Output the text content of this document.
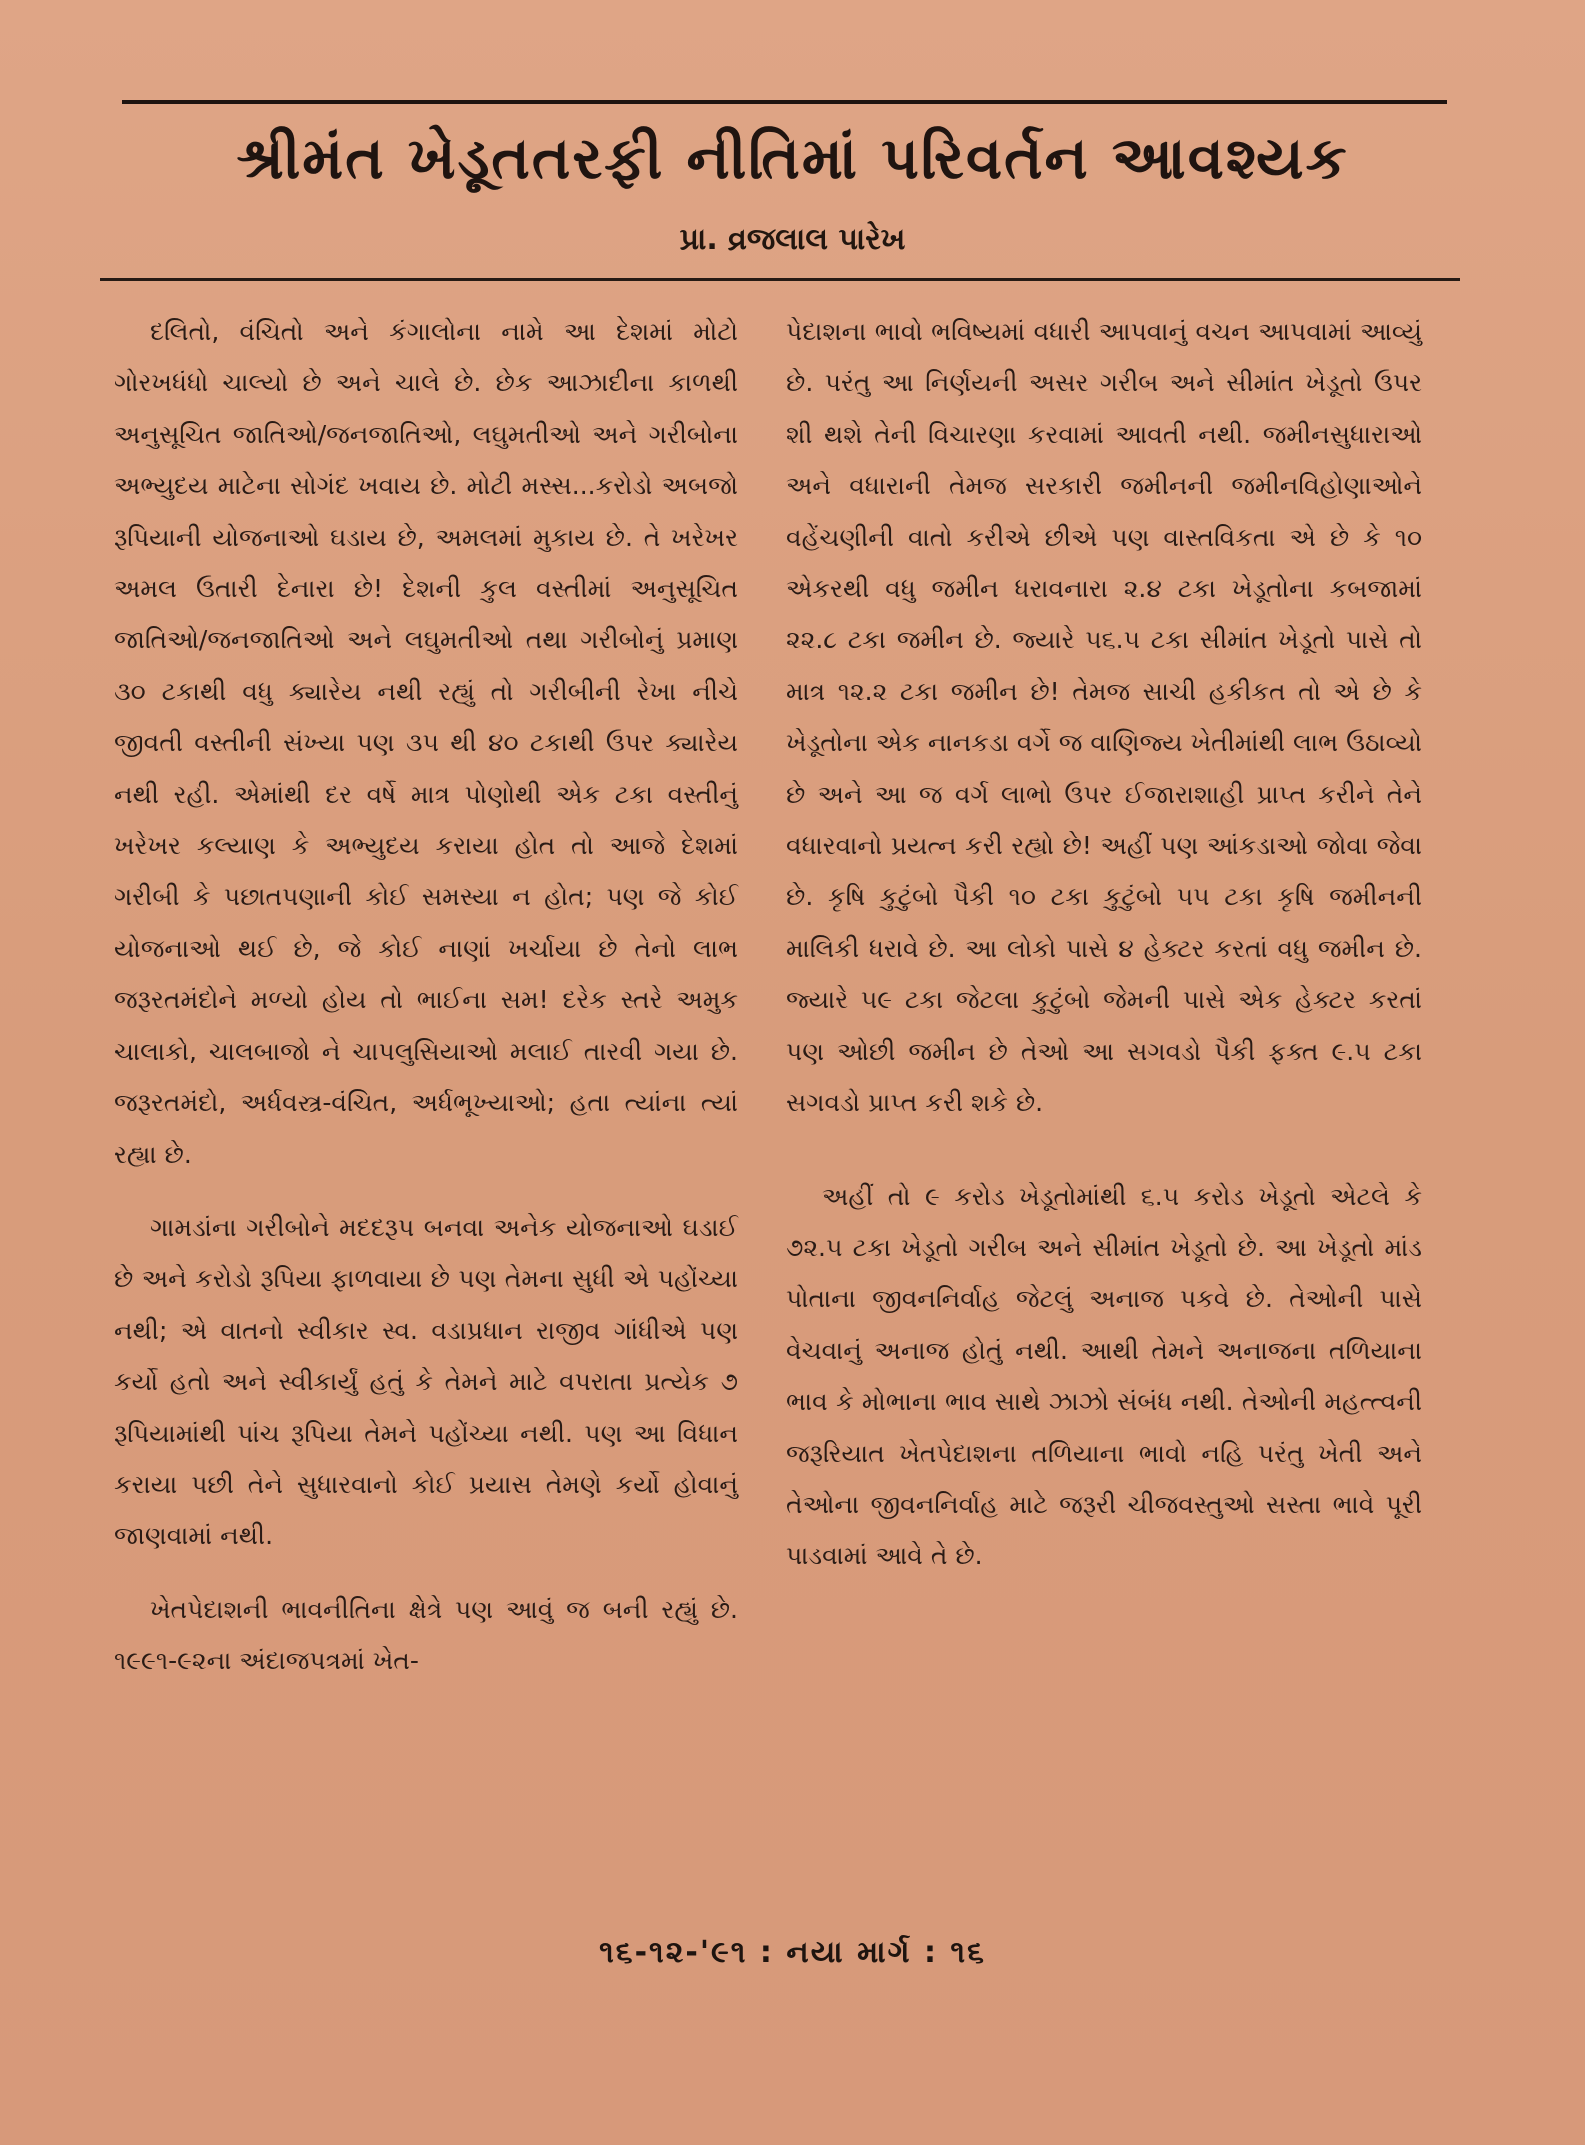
શ્રીમંત ખેડૂતતરફી નીતિમાં પરિવર્તન આવશ્યક
પ્રા. વ્રજલાલ પારેખ

દલિતો, વંચિતો અને કંગાલોના નામે આ દેશમાં મોટો ગોરખધંધો ચાલ્યો છે અને ચાલે છે. છેક આઝાદીના કાળથી અનુસૂચિત જાતિઓ/જનજાતિઓ, લઘુમતીઓ અને ગરીબોના અભ્યુદય માટેના સોગંદ ખવાય છે. મોટી મસ્સ...કરોડો અબજો રૂપિયાની યોજનાઓ ઘડાય છે, અમલમાં મુકાય છે. તે ખરેખર અમલ ઉતારી દેનારા છે! દેશની કુલ વસ્તીમાં અનુસૂચિત જાતિઓ/જનજાતિઓ અને લઘુમતીઓ તથા ગરીબોનું પ્રમાણ ૩૦ ટકાથી વધુ ક્યારેય નથી રહ્યું તો ગરીબીની રેખા નીચે જીવતી વસ્તીની સંખ્યા પણ ૩૫ થી ૪૦ ટકાથી ઉપર ક્યારેય નથી રહી. એમાંથી દર વર્ષે માત્ર પોણોથી એક ટકા વસ્તીનું ખરેખર કલ્યાણ કે અભ્યુદય કરાયા હોત તો આજે દેશમાં ગરીબી કે પછાતપણાની કોઈ સમસ્યા ન હોત; પણ જે કોઈ યોજનાઓ થઈ છે, જે કોઈ નાણાં ખર્ચાયા છે તેનો લાભ જરૂરતમંદોને મળ્યો હોય તો ભાઈના સમ! દરેક સ્તરે અમુક ચાલાકો, ચાલબાજો ને ચાપલુસિયાઓ મલાઈ તારવી ગયા છે. જરૂરતમંદો, અર્ધવસ્ત્ર-વંચિત, અર્ધભૂખ્યાઓ; હતા ત્યાંના ત્યાં રહ્યા છે.

ગામડાંના ગરીબોને મદદરૂપ બનવા અનેક યોજનાઓ ઘડાઈ છે અને કરોડો રૂપિયા ફાળવાયા છે પણ તેમના સુધી એ પહોંચ્યા નથી; એ વાતનો સ્વીકાર સ્વ. વડાપ્રધાન રાજીવ ગાંધીએ પણ કર્યો હતો અને સ્વીકાર્યું હતું કે તેમને માટે વપરાતા પ્રત્યેક ૭ રૂપિયામાંથી પાંચ રૂપિયા તેમને પહોંચ્યા નથી. પણ આ વિધાન કરાયા પછી તેને સુધારવાનો કોઈ પ્રયાસ તેમણે કર્યો હોવાનું જાણવામાં નથી.

ખેતપેદાશની ભાવનીતિના ક્ષેત્રે પણ આવું જ બની રહ્યું છે. ૧૯૯૧-૯૨ના અંદાજપત્રમાં ખેત-

પેદાશના ભાવો ભવિષ્યમાં વધારી આપવાનું વચન આપવામાં આવ્યું છે. પરંતુ આ નિર્ણયની અસર ગરીબ અને સીમાંત ખેડૂતો ઉપર શી થશે તેની વિચારણા કરવામાં આવતી નથી. જમીનસુધારાઓ અને વધારાની તેમજ સરકારી જમીનની જમીનવિહોણાઓને વહેંચણીની વાતો કરીએ છીએ પણ વાસ્તવિકતા એ છે કે ૧૦ એકરથી વધુ જમીન ધરાવનારા ૨.૪ ટકા ખેડૂતોના કબજામાં ૨૨.૮ ટકા જમીન છે. જ્યારે ૫૬.૫ ટકા સીમાંત ખેડૂતો પાસે તો માત્ર ૧૨.૨ ટકા જમીન છે! તેમજ સાચી હકીકત તો એ છે કે ખેડૂતોના એક નાનકડા વર્ગે જ વાણિજ્ય ખેતીમાંથી લાભ ઉઠાવ્યો છે અને આ જ વર્ગ લાભો ઉપર ઈજારાશાહી પ્રાપ્ત કરીને તેને વધારવાનો પ્રયત્ન કરી રહ્યો છે! અહીં પણ આંકડાઓ જોવા જેવા છે. કૃષિ કુટુંબો પૈકી ૧૦ ટકા કુટુંબો ૫૫ ટકા કૃષિ જમીનની માલિકી ધરાવે છે. આ લોકો પાસે ૪ હેક્ટર કરતાં વધુ જમીન છે. જ્યારે ૫૯ ટકા જેટલા કુટુંબો જેમની પાસે એક હેક્ટર કરતાં પણ ઓછી જમીન છે તેઓ આ સગવડો પૈકી ફક્ત ૯.૫ ટકા સગવડો પ્રાપ્ત કરી શકે છે.

અહીં તો ૯ કરોડ ખેડૂતોમાંથી ૬.૫ કરોડ ખેડૂતો એટલે કે ૭૨.૫ ટકા ખેડૂતો ગરીબ અને સીમાંત ખેડૂતો છે. આ ખેડૂતો માંડ પોતાના જીવનનિર્વાહ જેટલું અનાજ પકવે છે. તેઓની પાસે વેચવાનું અનાજ હોતું નથી. આથી તેમને અનાજના તળિયાના ભાવ કે મોભાના ભાવ સાથે ઝાઝો સંબંધ નથી. તેઓની મહત્ત્વની જરૂરિયાત ખેતપેદાશના તળિયાના ભાવો નહિ પરંતુ ખેતી અને તેઓના જીવનનિર્વાહ માટે જરૂરી ચીજવસ્તુઓ સસ્તા ભાવે પૂરી પાડવામાં આવે તે છે.

૧૬-૧૨-'૯૧ : નયા માર્ગ : ૧૬
